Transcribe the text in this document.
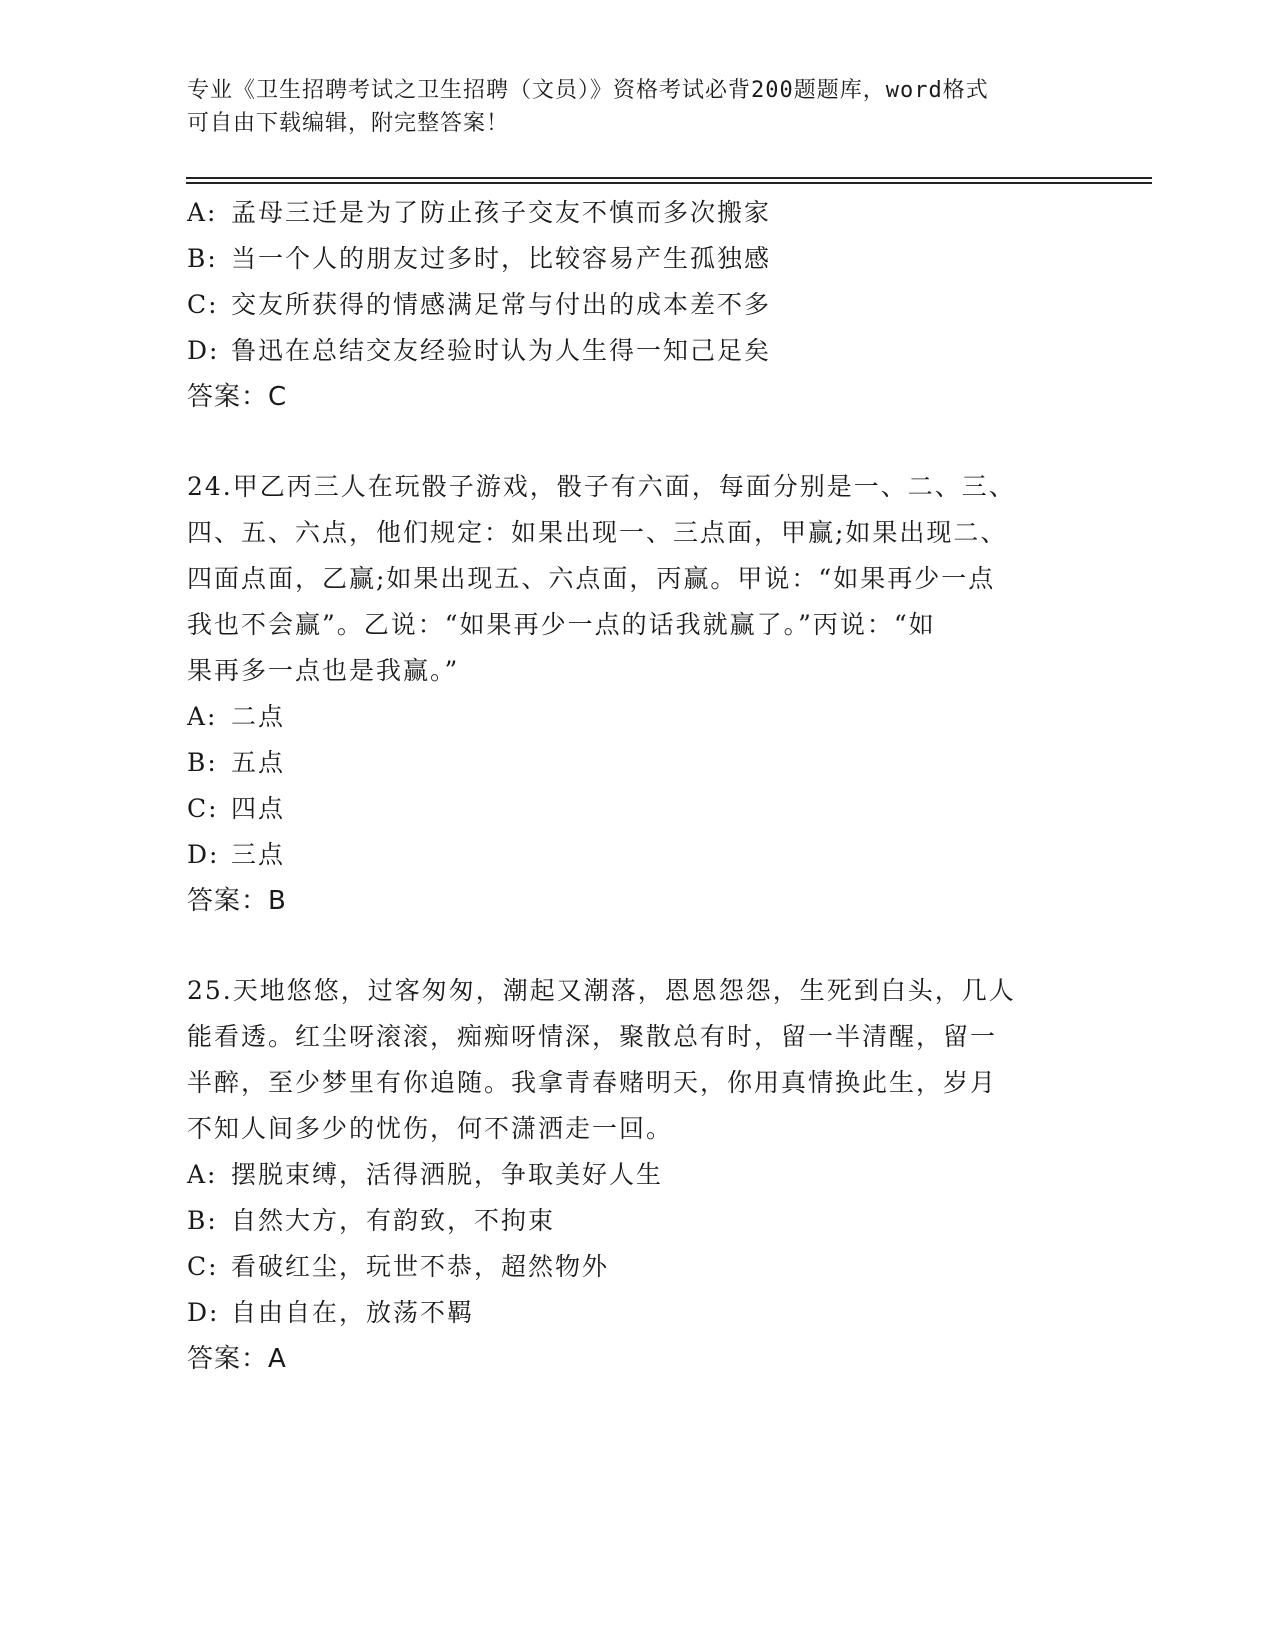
专业《卫生招聘考试之卫生招聘（文员）》资格考试必背200题题库，word格式
可自由下载编辑，附完整答案！
A: 孟母三迁是为了防止孩子交友不慎而多次搬家
B: 当一个人的朋友过多时，比较容易产生孤独感
C: 交友所获得的情感满足常与付出的成本差不多
D: 鲁迅在总结交友经验时认为人生得一知己足矣
答案：C
24.甲乙丙三人在玩骰子游戏，骰子有六面，每面分别是一、二、三、
四、五、六点，他们规定：如果出现一、三点面，甲赢;如果出现二、
四面点面，乙赢;如果出现五、六点面，丙赢。甲说：“如果再少一点
我也不会赢”。乙说：“如果再少一点的话我就赢了。”丙说：“如
果再多一点也是我赢。”
A: 二点
B: 五点
C: 四点
D: 三点
答案：B
25.天地悠悠，过客匆匆，潮起又潮落，恩恩怨怨，生死到白头，几人
能看透。红尘呀滚滚，痴痴呀情深，聚散总有时，留一半清醒，留一
半醉，至少梦里有你追随。我拿青春赌明天，你用真情换此生，岁月
不知人间多少的忧伤，何不潇洒走一回。
A: 摆脱束缚，活得洒脱，争取美好人生
B: 自然大方，有韵致，不拘束
C: 看破红尘，玩世不恭，超然物外
D: 自由自在，放荡不羁
答案：A
